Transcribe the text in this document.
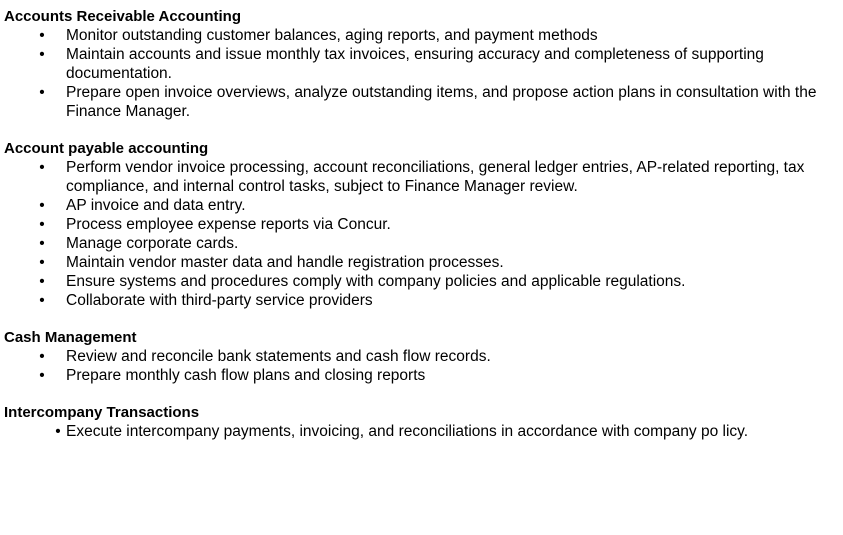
Accounts Receivable Accounting

• Monitor outstanding customer balances, aging reports, and payment methods
• Maintain accounts and issue monthly tax invoices, ensuring accuracy and completeness of supporting documentation.
• Prepare open invoice overviews, analyze outstanding items, and propose action plans in consultation with the Finance Manager.

Account payable accounting

• Perform vendor invoice processing, account reconciliations, general ledger entries, AP-related reporting, tax compliance, and internal control tasks, subject to Finance Manager review.
• AP invoice and data entry.
• Process employee expense reports via Concur.
• Manage corporate cards.
• Maintain vendor master data and handle registration processes.
• Ensure systems and procedures comply with company policies and applicable regulations.
• Collaborate with third-party service providers

Cash Management

• Review and reconcile bank statements and cash flow records.
• Prepare monthly cash flow plans and closing reports

Intercompany Transactions

• Execute intercompany payments, invoicing, and reconciliations in accordance with company po licy.
